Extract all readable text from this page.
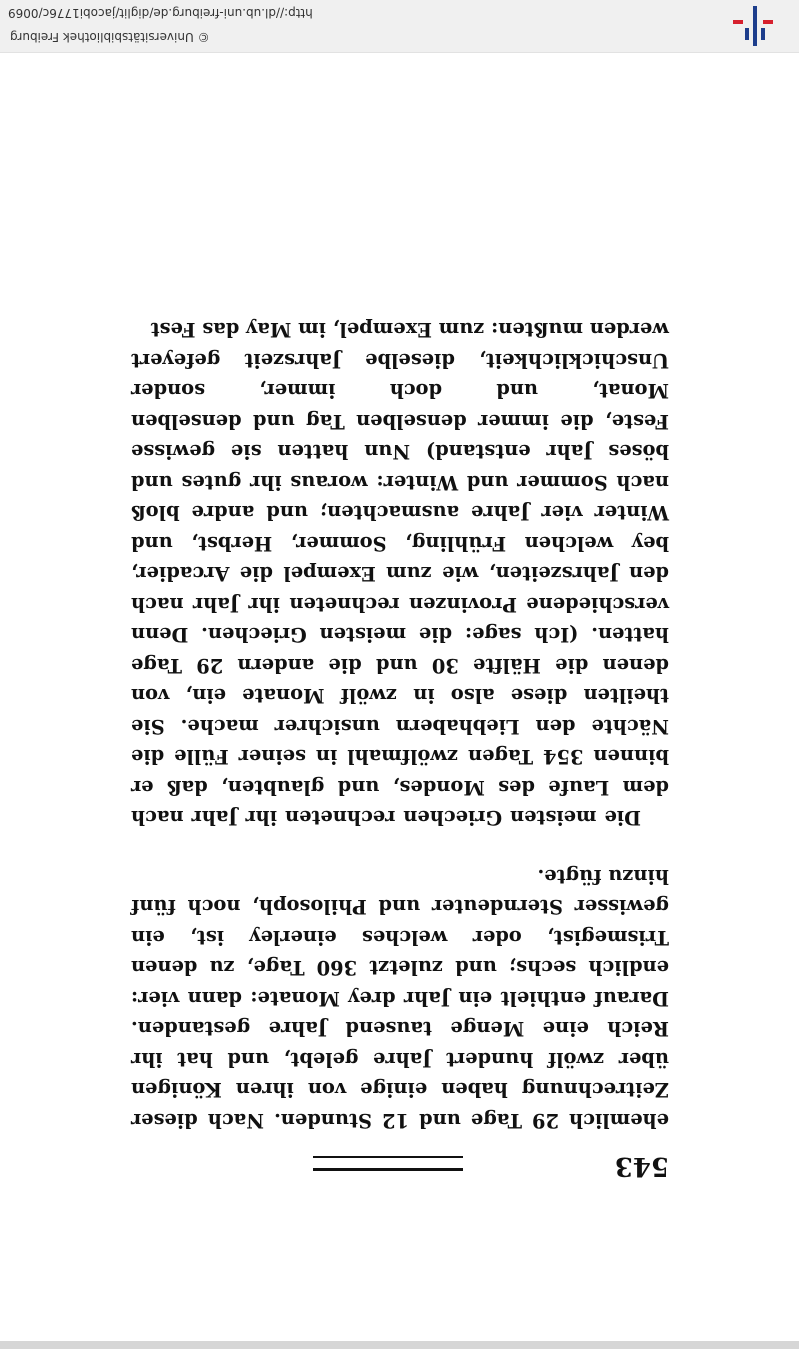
543

ehemlich 29 Tage und 12 Stunden. Nach dieser Zeitrechnung haben einige von ihren Königen über zwölf hundert Jahre gelebt, und hat ihr Reich eine Menge tausend Jahre gestanden. Darauf enthielt ein Jahr drey Monate: dann vier: endlich sechs; und zuletzt 360 Tage, zu denen Trismegist, oder welches einerley ist, ein gewisser Sterndeuter und Philosoph, noch fünf hinzu fügte.

Die meisten Griechen rechneten ihr Jahr nach dem Laufe des Mondes, und glaubten, daß er binnen 354 Tagen zwölfmahl in seiner Fülle die Nächte den Liebhabern unsichrer mache. Sie theilten diese also in zwölf Monate ein, von denen die Hälfte 30 und die andern 29 Tage hatten. (Ich sage: die meisten Griechen. Denn verschiedene Provinzen rechneten ihr Jahr nach den Jahrszeiten, wie zum Exempel die Arcadier, bey welchen Frühling, Sommer, Herbst, und Winter vier Jahre ausmachten; und andre bloß nach Sommer und Winter: woraus ihr gutes und böses Jahr entstand) Nun hatten sie gewisse Feste, die immer denselben Tag und denselben Monat, und doch immer, sonder Unschicklichkeit, dieselbe Jahrszeit gefeyert werden mußten: zum Exempel, im May das Fest

© Universitätsbibliothek Freiburg
http://dl.ub.uni-freiburg.de/diglit/jacobi1776c/0069
